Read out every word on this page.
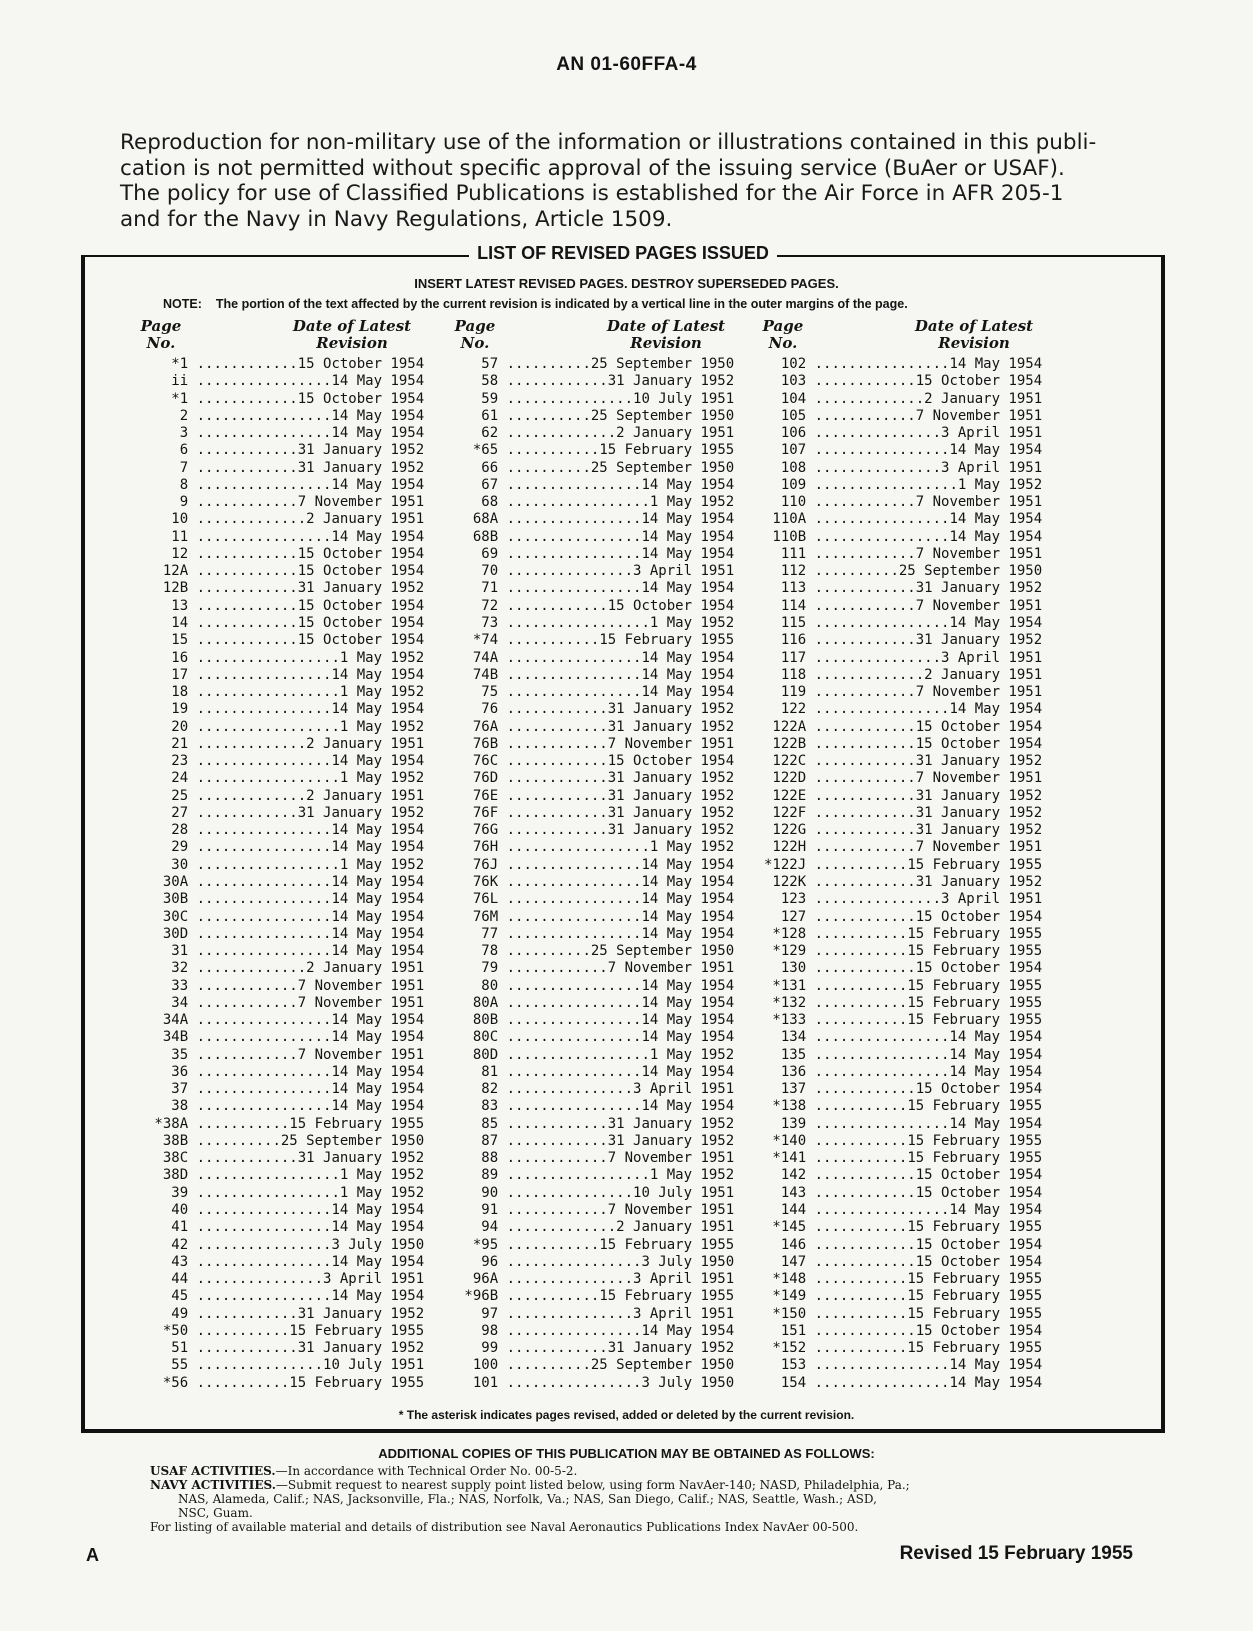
AN 01-60FFA-4

Reproduction for non-military use of the information or illustrations contained in this publi-

cation is not permitted without specific approval of the issuing service (BuAer or USAF).

The policy for use of Classified Publications is established for the Air Force in AFR 205-1

and for the Navy in Navy Regulations, Article 1509.

LIST OF REVISED PAGES ISSUED
INSERT LATEST REVISED PAGES. DESTROY SUPERSEDED PAGES.
NOTE: The portion of the text affected by the current revision is indicated by a vertical line in the outer margins of the page.
Page
No.
Date of Latest
Revision
Page
No.
Date of Latest
Revision
Page
No.
Date of Latest
Revision
*1 ............15 October 1954
ii ................14 May 1954
*1 ............15 October 1954
2 ................14 May 1954
3 ................14 May 1954
6 ............31 January 1952
7 ............31 January 1952
8 ................14 May 1954
9 ............7 November 1951
10 .............2 January 1951
11 ................14 May 1954
12 ............15 October 1954
12A ............15 October 1954
12B ............31 January 1952
13 ............15 October 1954
14 ............15 October 1954
15 ............15 October 1954
16 .................1 May 1952
17 ................14 May 1954
18 .................1 May 1952
19 ................14 May 1954
20 .................1 May 1952
21 .............2 January 1951
23 ................14 May 1954
24 .................1 May 1952
25 .............2 January 1951
27 ............31 January 1952
28 ................14 May 1954
29 ................14 May 1954
30 .................1 May 1952
30A ................14 May 1954
30B ................14 May 1954
30C ................14 May 1954
30D ................14 May 1954
31 ................14 May 1954
32 .............2 January 1951
33 ............7 November 1951
34 ............7 November 1951
34A ................14 May 1954
34B ................14 May 1954
35 ............7 November 1951
36 ................14 May 1954
37 ................14 May 1954
38 ................14 May 1954
*38A ...........15 February 1955
38B ..........25 September 1950
38C ............31 January 1952
38D .................1 May 1952
39 .................1 May 1952
40 ................14 May 1954
41 ................14 May 1954
42 ................3 July 1950
43 ................14 May 1954
44 ...............3 April 1951
45 ................14 May 1954
49 ............31 January 1952
*50 ...........15 February 1955
51 ............31 January 1952
55 ...............10 July 1951
*56 ...........15 February 1955
57 ..........25 September 1950
58 ............31 January 1952
59 ...............10 July 1951
61 ..........25 September 1950
62 .............2 January 1951
*65 ...........15 February 1955
66 ..........25 September 1950
67 ................14 May 1954
68 .................1 May 1952
68A ................14 May 1954
68B ................14 May 1954
69 ................14 May 1954
70 ...............3 April 1951
71 ................14 May 1954
72 ............15 October 1954
73 .................1 May 1952
*74 ...........15 February 1955
74A ................14 May 1954
74B ................14 May 1954
75 ................14 May 1954
76 ............31 January 1952
76A ............31 January 1952
76B ............7 November 1951
76C ............15 October 1954
76D ............31 January 1952
76E ............31 January 1952
76F ............31 January 1952
76G ............31 January 1952
76H .................1 May 1952
76J ................14 May 1954
76K ................14 May 1954
76L ................14 May 1954
76M ................14 May 1954
77 ................14 May 1954
78 ..........25 September 1950
79 ............7 November 1951
80 ................14 May 1954
80A ................14 May 1954
80B ................14 May 1954
80C ................14 May 1954
80D .................1 May 1952
81 ................14 May 1954
82 ...............3 April 1951
83 ................14 May 1954
85 ............31 January 1952
87 ............31 January 1952
88 ............7 November 1951
89 .................1 May 1952
90 ...............10 July 1951
91 ............7 November 1951
94 .............2 January 1951
*95 ...........15 February 1955
96 ................3 July 1950
96A ...............3 April 1951
*96B ...........15 February 1955
97 ...............3 April 1951
98 ................14 May 1954
99 ............31 January 1952
100 ..........25 September 1950
101 ................3 July 1950
102 ................14 May 1954
103 ............15 October 1954
104 .............2 January 1951
105 ............7 November 1951
106 ...............3 April 1951
107 ................14 May 1954
108 ...............3 April 1951
109 .................1 May 1952
110 ............7 November 1951
110A ................14 May 1954
110B ................14 May 1954
111 ............7 November 1951
112 ..........25 September 1950
113 ............31 January 1952
114 ............7 November 1951
115 ................14 May 1954
116 ............31 January 1952
117 ...............3 April 1951
118 .............2 January 1951
119 ............7 November 1951
122 ................14 May 1954
122A ............15 October 1954
122B ............15 October 1954
122C ............31 January 1952
122D ............7 November 1951
122E ............31 January 1952
122F ............31 January 1952
122G ............31 January 1952
122H ............7 November 1951
*122J ...........15 February 1955
122K ............31 January 1952
123 ...............3 April 1951
127 ............15 October 1954
*128 ...........15 February 1955
*129 ...........15 February 1955
130 ............15 October 1954
*131 ...........15 February 1955
*132 ...........15 February 1955
*133 ...........15 February 1955
134 ................14 May 1954
135 ................14 May 1954
136 ................14 May 1954
137 ............15 October 1954
*138 ...........15 February 1955
139 ................14 May 1954
*140 ...........15 February 1955
*141 ...........15 February 1955
142 ............15 October 1954
143 ............15 October 1954
144 ................14 May 1954
*145 ...........15 February 1955
146 ............15 October 1954
147 ............15 October 1954
*148 ...........15 February 1955
*149 ...........15 February 1955
*150 ...........15 February 1955
151 ............15 October 1954
*152 ...........15 February 1955
153 ................14 May 1954
154 ................14 May 1954
* The asterisk indicates pages revised, added or deleted by the current revision.
ADDITIONAL COPIES OF THIS PUBLICATION MAY BE OBTAINED AS FOLLOWS:
USAF ACTIVITIES.—In accordance with Technical Order No. 00-5-2.
NAVY ACTIVITIES.—Submit request to nearest supply point listed below, using form NavAer-140; NASD, Philadelphia, Pa.;
NAS, Alameda, Calif.; NAS, Jacksonville, Fla.; NAS, Norfolk, Va.; NAS, San Diego, Calif.; NAS, Seattle, Wash.; ASD,
NSC, Guam.
For listing of available material and details of distribution see Naval Aeronautics Publications Index NavAer 00-500.
A	Revised 15 February 1955
